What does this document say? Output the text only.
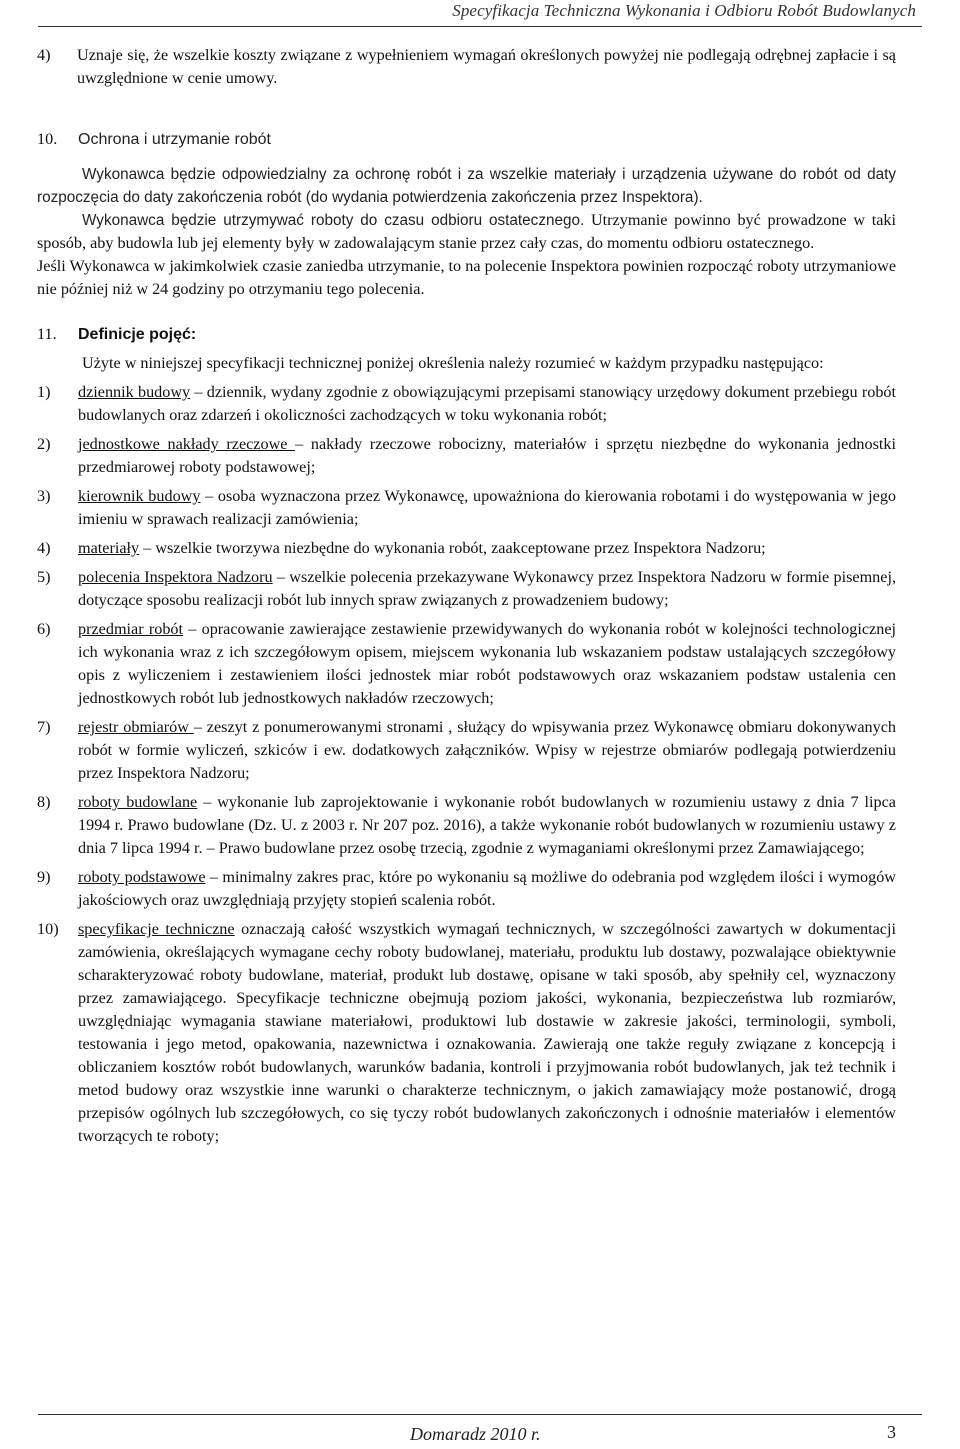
Specyfikacja Techniczna Wykonania i Odbioru Robót Budowlanych
4)	Uznaje się, że wszelkie koszty związane z wypełnieniem wymagań określonych powyżej nie podlegają odrębnej zapłacie i są uwzględnione w cenie umowy.
10.	Ochrona i utrzymanie robót

Wykonawca będzie odpowiedzialny za ochronę robót i za wszelkie materiały i urządzenia używane do robót od daty rozpoczęcia do daty zakończenia robót (do wydania potwierdzenia zakończenia przez Inspektora).

Wykonawca będzie utrzymywać roboty do czasu odbioru ostatecznego. Utrzymanie powinno być prowadzone w taki sposób, aby budowla lub jej elementy były w zadowalającym stanie przez cały czas, do momentu odbioru ostatecznego.

Jeśli Wykonawca w jakimkolwiek czasie zaniedba utrzymanie, to na polecenie Inspektora powinien rozpocząć roboty utrzymaniowe nie później niż w 24 godziny po otrzymaniu tego polecenia.

11.	Definicje pojęć:

Użyte w niniejszej specyfikacji technicznej poniżej określenia należy rozumieć w każdym przypadku następująco:

1)	dziennik budowy – dziennik, wydany zgodnie z obowiązującymi przepisami stanowiący urzędowy dokument przebiegu robót budowlanych oraz zdarzeń i okoliczności zachodzących w toku wykonania robót;
2)	jednostkowe nakłady rzeczowe – nakłady rzeczowe robocizny, materiałów i sprzętu niezbędne do wykonania jednostki przedmiarowej roboty podstawowej;
3)	kierownik budowy – osoba wyznaczona przez Wykonawcę, upoważniona do kierowania robotami i do występowania w jego imieniu w sprawach realizacji zamówienia;
4)	materiały – wszelkie tworzywa niezbędne do wykonania robót, zaakceptowane przez Inspektora Nadzoru;
5)	polecenia Inspektora Nadzoru – wszelkie polecenia przekazywane Wykonawcy przez Inspektora Nadzoru w formie pisemnej, dotyczące sposobu realizacji robót lub innych spraw związanych z prowadzeniem budowy;
6)	przedmiar robót – opracowanie zawierające zestawienie przewidywanych do wykonania robót w kolejności technologicznej ich wykonania wraz z ich szczegółowym opisem, miejscem wykonania lub wskazaniem podstaw ustalających szczegółowy opis z wyliczeniem i zestawieniem ilości jednostek miar robót podstawowych oraz wskazaniem podstaw ustalenia cen jednostkowych robót lub jednostkowych nakładów rzeczowych;
7)	rejestr obmiarów – zeszyt z ponumerowanymi stronami , służący do wpisywania przez Wykonawcę obmiaru dokonywanych robót w formie wyliczeń, szkiców i ew. dodatkowych załączników. Wpisy w rejestrze obmiarów podlegają potwierdzeniu przez Inspektora Nadzoru;
8)	roboty budowlane – wykonanie lub zaprojektowanie i wykonanie robót budowlanych w rozumieniu ustawy z dnia 7 lipca 1994 r. Prawo budowlane (Dz. U. z 2003 r. Nr 207 poz. 2016), a także wykonanie robót budowlanych w rozumieniu ustawy z dnia 7 lipca 1994 r. – Prawo budowlane przez osobę trzecią, zgodnie z wymaganiami określonymi przez Zamawiającego;
9)	roboty podstawowe – minimalny zakres prac, które po wykonaniu są możliwe do odebrania pod względem ilości i wymogów jakościowych oraz uwzględniają przyjęty stopień scalenia robót.
10)	specyfikacje techniczne oznaczają całość wszystkich wymagań technicznych, w szczególności zawartych w dokumentacji zamówienia, określających wymagane cechy roboty budowlanej, materiału, produktu lub dostawy, pozwalające obiektywnie scharakteryzować roboty budowlane, materiał, produkt lub dostawę, opisane w taki sposób, aby spełniły cel, wyznaczony przez zamawiającego. Specyfikacje techniczne obejmują poziom jakości, wykonania, bezpieczeństwa lub rozmiarów, uwzględniając wymagania stawiane materiałowi, produktowi lub dostawie w zakresie jakości, terminologii, symboli, testowania i jego metod, opakowania, nazewnictwa i oznakowania. Zawierają one także reguły związane z koncepcją i obliczaniem kosztów robót budowlanych, warunków badania, kontroli i przyjmowania robót budowlanych, jak też technik i metod budowy oraz wszystkie inne warunki o charakterze technicznym, o jakich zamawiający może postanowić, drogą przepisów ogólnych lub szczegółowych, co się tyczy robót budowlanych zakończonych i odnośnie materiałów i elementów tworzących te roboty;
Domaradz 2010 r.	3
